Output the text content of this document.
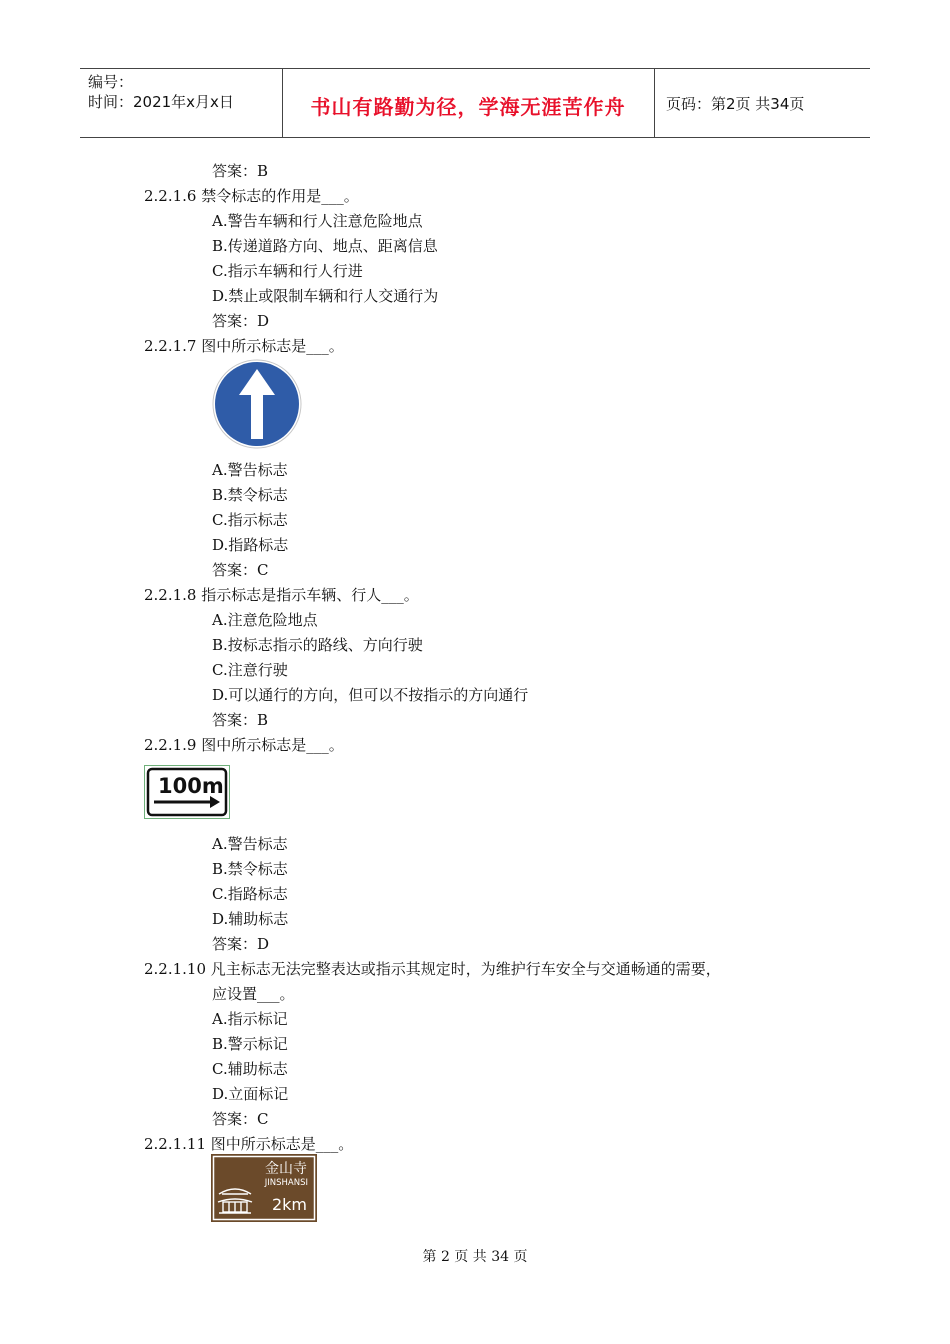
编号：
时间：2021年x月x日	书山有路勤为径，学海无涯苦作舟	页码：第2页 共34页
答案：B
2.2.1.6 禁令标志的作用是___。
A.警告车辆和行人注意危险地点
B.传递道路方向、地点、距离信息
C.指示车辆和行人行进
D.禁止或限制车辆和行人交通行为
答案：D
2.2.1.7 图中所示标志是___。
A.警告标志
B.禁令标志
C.指示标志
D.指路标志
答案：C
2.2.1.8 指示标志是指示车辆、行人___。
A.注意危险地点
B.按标志指示的路线、方向行驶
C.注意行驶
D.可以通行的方向，但可以不按指示的方向通行
答案：B
2.2.1.9 图中所示标志是___。
100m
A.警告标志
B.禁令标志
C.指路标志
D.辅助标志
答案：D
2.2.1.10 凡主标志无法完整表达或指示其规定时，为维护行车安全与交通畅通的需要，
应设置___。
A.指示标记
B.警示标记
C.辅助标志
D.立面标记
答案：C
2.2.1.11 图中所示标志是___。
金山寺
JINSHANSI
2km
第 2 页 共 34 页
